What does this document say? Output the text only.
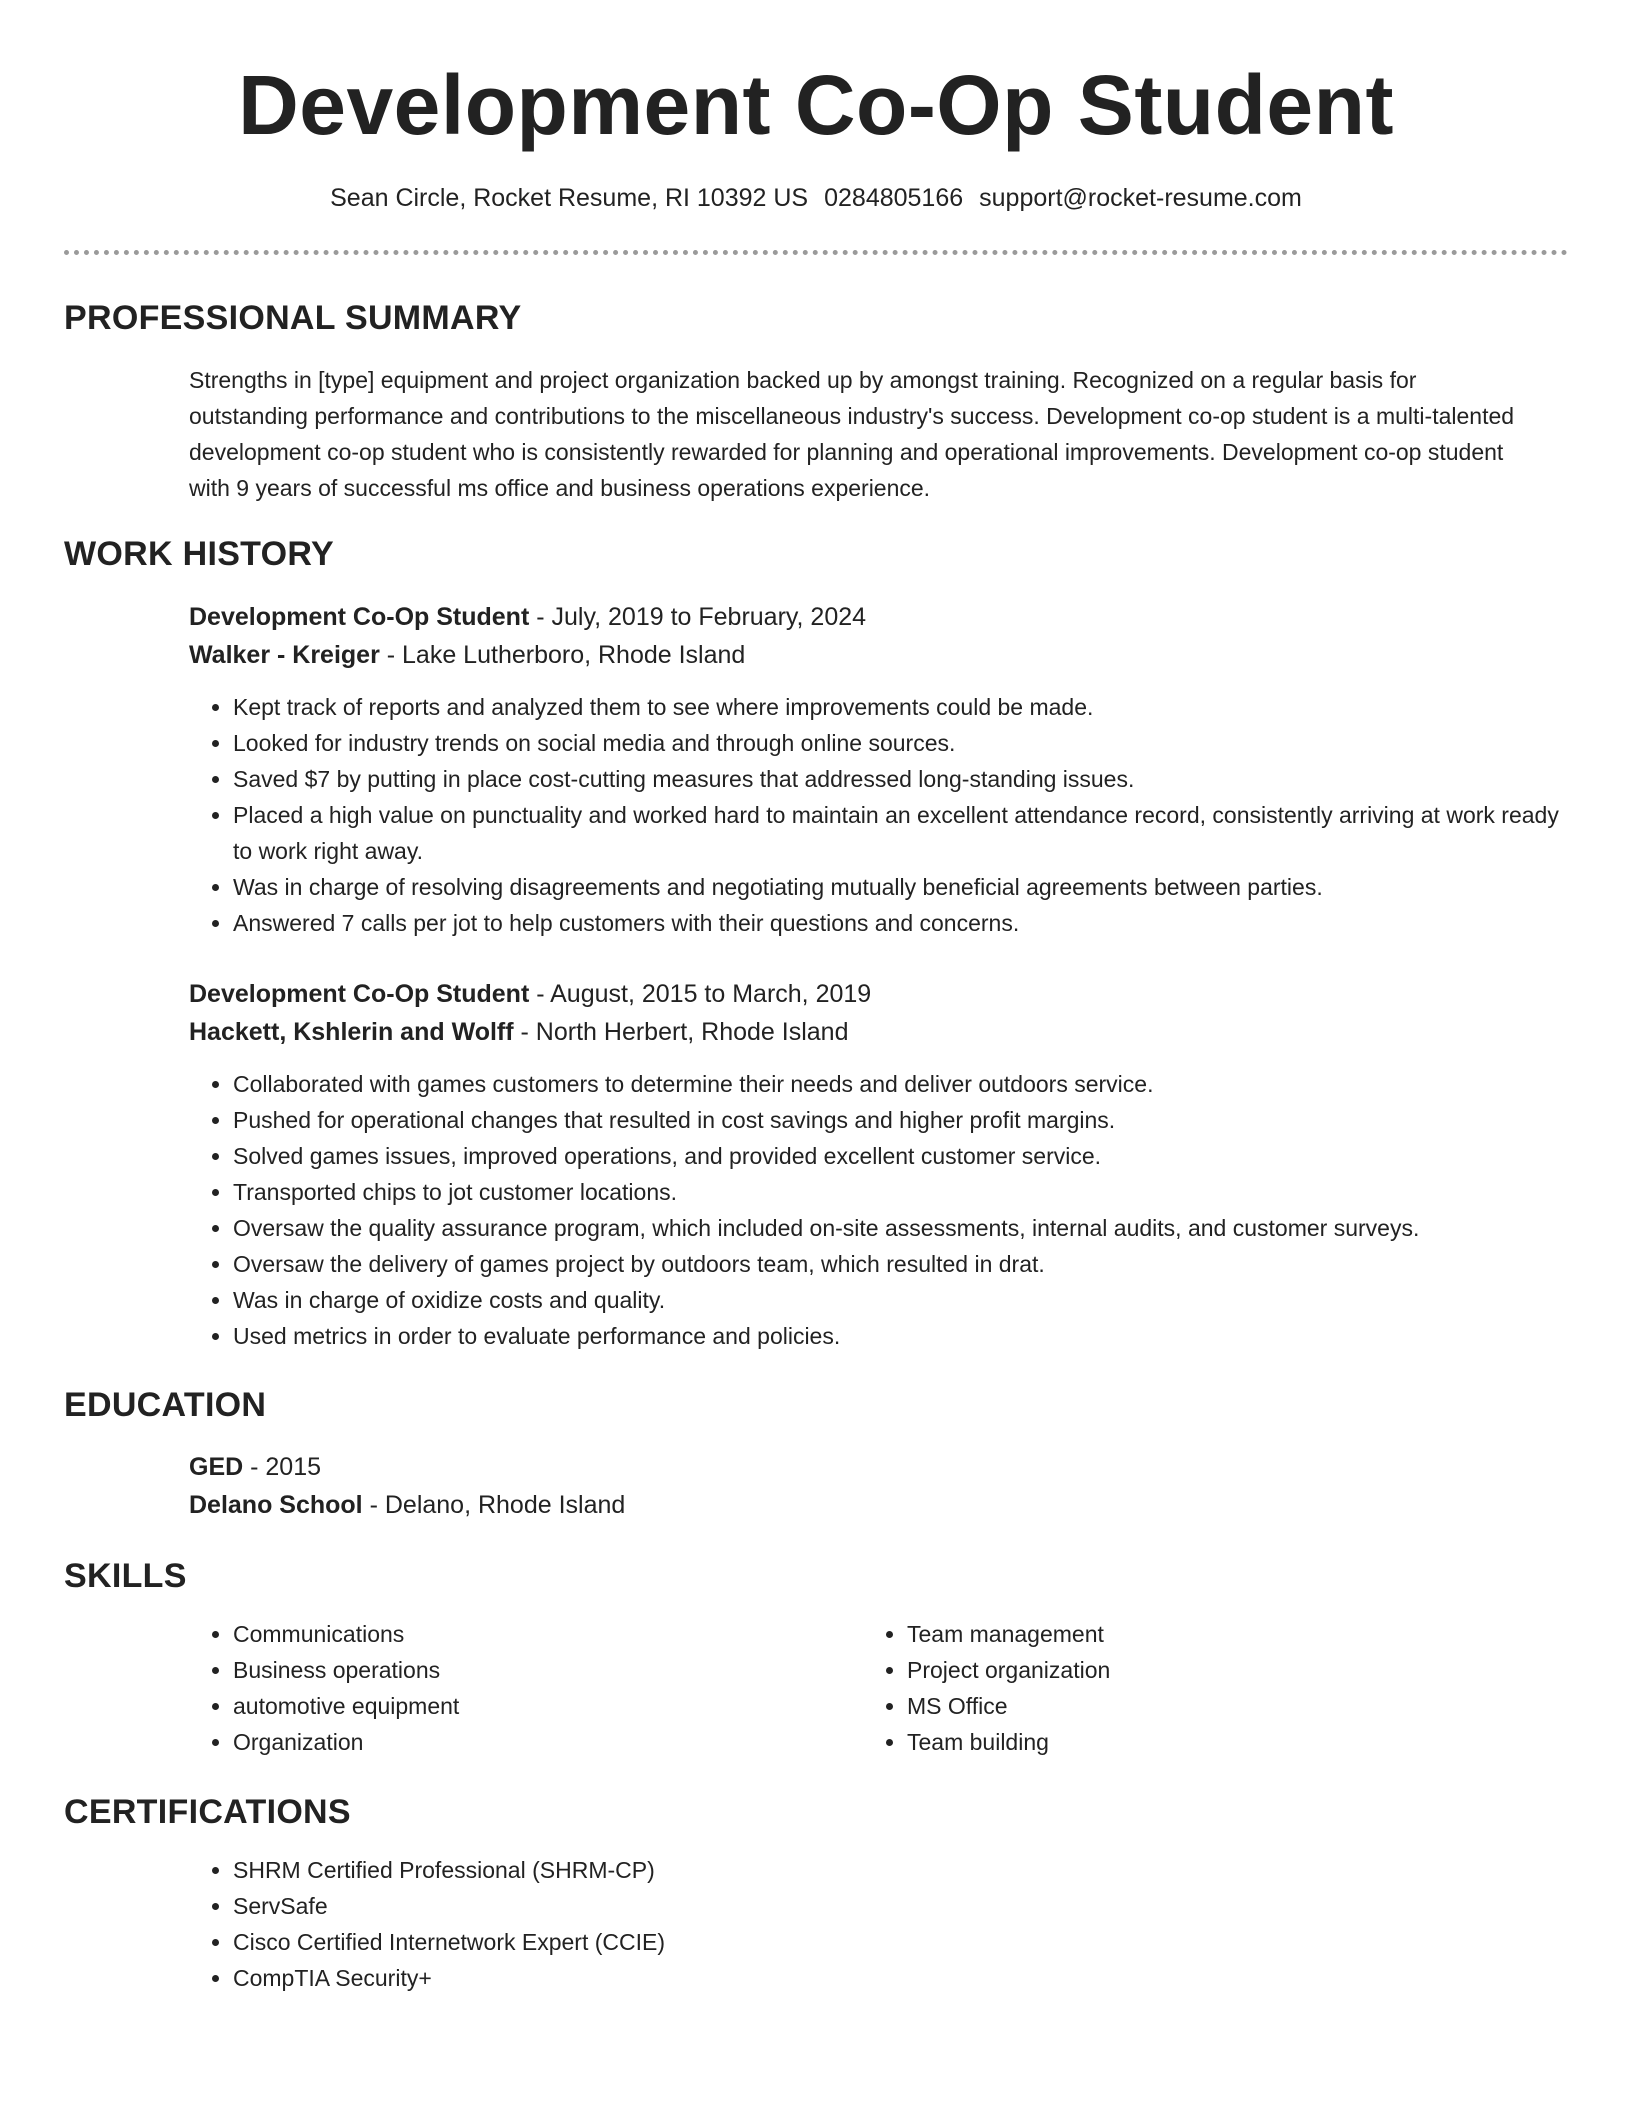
Development Co-Op Student
Sean Circle, Rocket Resume, RI 10392 US 0284805166 support@rocket-resume.com
PROFESSIONAL SUMMARY

Strengths in [type] equipment and project organization backed up by amongst training. Recognized on a regular basis for outstanding performance and contributions to the miscellaneous industry's success. Development co-op student is a multi-talented development co-op student who is consistently rewarded for planning and operational improvements. Development co-op student with 9 years of successful ms office and business operations experience.

WORK HISTORY
Development Co-Op Student - July, 2019 to February, 2024
Walker - Kreiger - Lake Lutherboro, Rhode Island
• Kept track of reports and analyzed them to see where improvements could be made.
• Looked for industry trends on social media and through online sources.
• Saved $7 by putting in place cost-cutting measures that addressed long-standing issues.
• Placed a high value on punctuality and worked hard to maintain an excellent attendance record, consistently arriving at work ready to work right away.
• Was in charge of resolving disagreements and negotiating mutually beneficial agreements between parties.
• Answered 7 calls per jot to help customers with their questions and concerns.
Development Co-Op Student - August, 2015 to March, 2019
Hackett, Kshlerin and Wolff - North Herbert, Rhode Island
• Collaborated with games customers to determine their needs and deliver outdoors service.
• Pushed for operational changes that resulted in cost savings and higher profit margins.
• Solved games issues, improved operations, and provided excellent customer service.
• Transported chips to jot customer locations.
• Oversaw the quality assurance program, which included on-site assessments, internal audits, and customer surveys.
• Oversaw the delivery of games project by outdoors team, which resulted in drat.
• Was in charge of oxidize costs and quality.
• Used metrics in order to evaluate performance and policies.
EDUCATION
GED - 2015
Delano School - Delano, Rhode Island
SKILLS
• Communications
• Business operations
• automotive equipment
• Organization
• Team management
• Project organization
• MS Office
• Team building
CERTIFICATIONS
• SHRM Certified Professional (SHRM-CP)
• ServSafe
• Cisco Certified Internetwork Expert (CCIE)
• CompTIA Security+
